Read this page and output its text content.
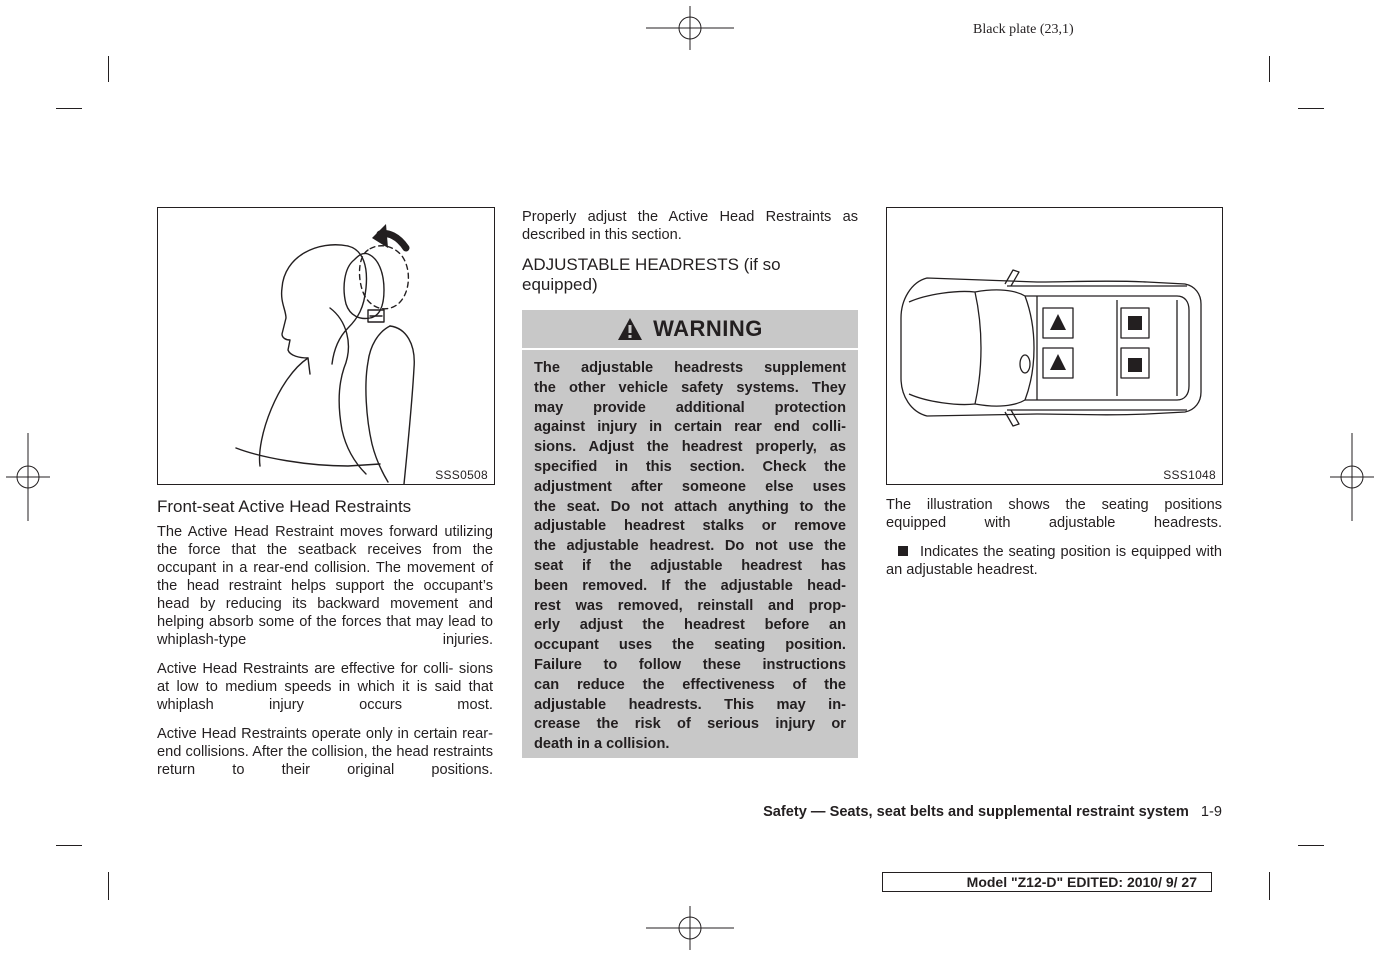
Black plate (23,1)
SSS0508
Front-seat Active Head Restraints

The Active Head Restraint moves forward utilizing the force that the seatback receives from the occupant in a rear-end collision. The movement of the head restraint helps support the occupant’s head by reducing its backward movement and helping absorb some of the forces that may lead to whiplash-type injuries.

Active Head Restraints are effective for colli- sions at low to medium speeds in which it is said that whiplash injury occurs most.

Active Head Restraints operate only in certain rear-end collisions. After the collision, the head restraints return to their original positions.

Properly adjust the Active Head Restraints as described in this section.

ADJUSTABLE HEADRESTS (if so equipped)
WARNING
The adjustable headrests supplement
the other vehicle safety systems. They
may provide additional protection
against injury in certain rear end colli-
sions. Adjust the headrest properly, as
specified in this section. Check the
adjustment after someone else uses
the seat. Do not attach anything to the
adjustable headrest stalks or remove
the adjustable headrest. Do not use the
seat if the adjustable headrest has
been removed. If the adjustable head-
rest was removed, reinstall and prop-
erly adjust the headrest before an
occupant uses the seating position.
Failure to follow these instructions
can reduce the effectiveness of the
adjustable headrests. This may in-
crease the risk of serious injury or
death in a collision.
SSS1048

The illustration shows the seating positions equipped with adjustable headrests.

Indicates the seating position is equipped with an adjustable headrest.

Safety — Seats, seat belts and supplemental restraint system 1-9
Model "Z12-D" EDITED: 2010/ 9/ 27
